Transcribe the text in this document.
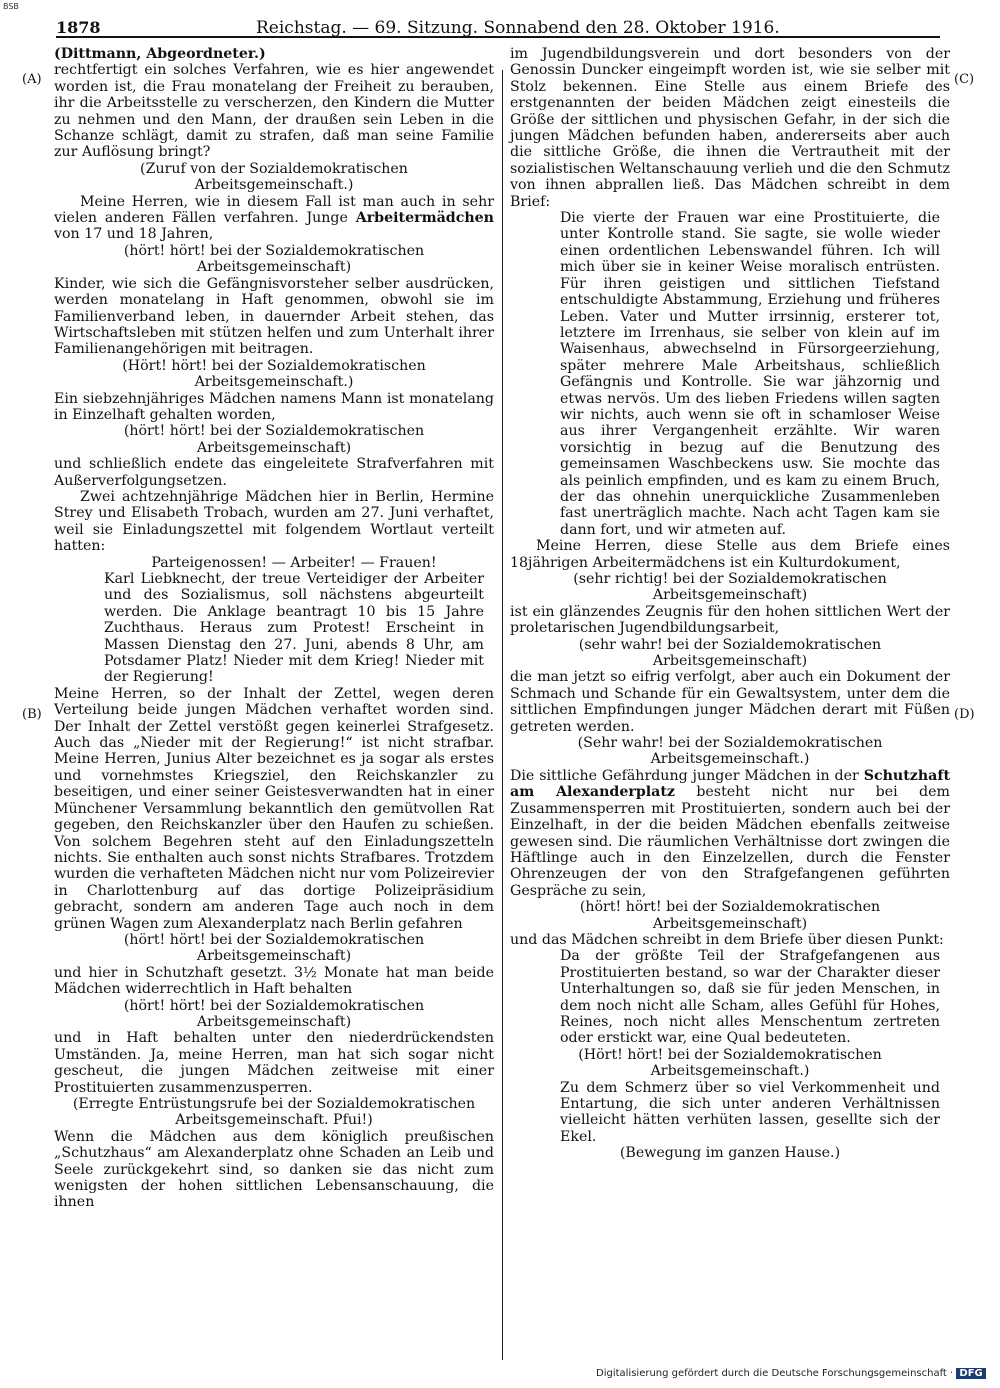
BSB
1878	Reichstag. — 69. Sitzung. Sonnabend den 28. Oktober 1916.
(A)
(B)
(C)
(D)

(Dittmann, Abgeordneter.)

rechtfertigt ein solches Verfahren, wie es hier angewendet worden ist, die Frau monatelang der Freiheit zu berauben, ihr die Arbeitsstelle zu verscherzen, den Kindern die Mutter zu nehmen und den Mann, der draußen sein Leben in die Schanze schlägt, damit zu strafen, daß man seine Familie zur Auflösung bringt?

(Zuruf von der Sozialdemokratischen Arbeitsgemeinschaft.)

Meine Herren, wie in diesem Fall ist man auch in sehr vielen anderen Fällen verfahren. Junge Arbeitermädchen von 17 und 18 Jahren,

(hört! hört! bei der Sozialdemokratischen Arbeitsgemeinschaft)

Kinder, wie sich die Gefängnisvorsteher selber ausdrücken, werden monatelang in Haft genommen, obwohl sie im Familienverband leben, in dauernder Arbeit stehen, das Wirtschaftsleben mit stützen helfen und zum Unterhalt ihrer Familienangehörigen mit beitragen.

(Hört! hört! bei der Sozialdemokratischen Arbeitsgemeinschaft.)

Ein siebzehnjähriges Mädchen namens Mann ist monatelang in Einzelhaft gehalten worden,

(hört! hört! bei der Sozialdemokratischen Arbeitsgemeinschaft)

und schließlich endete das eingeleitete Strafverfahren mit Außerverfolgungsetzen.

Zwei achtzehnjährige Mädchen hier in Berlin, Hermine Strey und Elisabeth Trobach, wurden am 27. Juni verhaftet, weil sie Einladungszettel mit folgendem Wortlaut verteilt hatten:

Parteigenossen! — Arbeiter! — Frauen!

Karl Liebknecht, der treue Verteidiger der Arbeiter und des Sozialismus, soll nächstens abgeurteilt werden. Die Anklage beantragt 10 bis 15 Jahre Zuchthaus. Heraus zum Protest! Erscheint in Massen Dienstag den 27. Juni, abends 8 Uhr, am Potsdamer Platz! Nieder mit dem Krieg! Nieder mit der Regierung!

Meine Herren, so der Inhalt der Zettel, wegen deren Verteilung beide jungen Mädchen verhaftet worden sind. Der Inhalt der Zettel verstößt gegen keinerlei Strafgesetz. Auch das „Nieder mit der Regierung!“ ist nicht strafbar. Meine Herren, Junius Alter bezeichnet es ja sogar als erstes und vornehmstes Kriegsziel, den Reichskanzler zu beseitigen, und einer seiner Geistesverwandten hat in einer Münchener Versammlung bekanntlich den gemütvollen Rat gegeben, den Reichskanzler über den Haufen zu schießen. Von solchem Begehren steht auf den Einladungszetteln nichts. Sie enthalten auch sonst nichts Strafbares. Trotzdem wurden die verhafteten Mädchen nicht nur vom Polizeirevier in Charlottenburg auf das dortige Polizeipräsidium gebracht, sondern am anderen Tage auch noch in dem grünen Wagen zum Alexanderplatz nach Berlin gefahren

(hört! hört! bei der Sozialdemokratischen Arbeitsgemeinschaft)

und hier in Schutzhaft gesetzt. 3½ Monate hat man beide Mädchen widerrechtlich in Haft behalten

(hört! hört! bei der Sozialdemokratischen Arbeitsgemeinschaft)

und in Haft behalten unter den niederdrückendsten Umständen. Ja, meine Herren, man hat sich sogar nicht gescheut, die jungen Mädchen zeitweise mit einer Prostituierten zusammenzusperren.

(Erregte Entrüstungsrufe bei der Sozialdemokratischen Arbeitsgemeinschaft. Pfui!)

Wenn die Mädchen aus dem königlich preußischen „Schutzhaus“ am Alexanderplatz ohne Schaden an Leib und Seele zurückgekehrt sind, so danken sie das nicht zum wenigsten der hohen sittlichen Lebensanschauung, die ihnen

im Jugendbildungsverein und dort besonders von der Genossin Duncker eingeimpft worden ist, wie sie selber mit Stolz bekennen. Eine Stelle aus einem Briefe des erstgenannten der beiden Mädchen zeigt einesteils die Größe der sittlichen und physischen Gefahr, in der sich die jungen Mädchen befunden haben, andererseits aber auch die sittliche Größe, die ihnen die Vertrautheit mit der sozialistischen Weltanschauung verlieh und die den Schmutz von ihnen abprallen ließ. Das Mädchen schreibt in dem Brief:

Die vierte der Frauen war eine Prostituierte, die unter Kontrolle stand. Sie sagte, sie wolle wieder einen ordentlichen Lebenswandel führen. Ich will mich über sie in keiner Weise moralisch entrüsten. Für ihren geistigen und sittlichen Tiefstand entschuldigte Abstammung, Erziehung und früheres Leben. Vater und Mutter irrsinnig, ersterer tot, letztere im Irrenhaus, sie selber von klein auf im Waisenhaus, abwechselnd in Fürsorgeerziehung, später mehrere Male Arbeitshaus, schließlich Gefängnis und Kontrolle. Sie war jähzornig und etwas nervös. Um des lieben Friedens willen sagten wir nichts, auch wenn sie oft in schamloser Weise aus ihrer Vergangenheit erzählte. Wir waren vorsichtig in bezug auf die Benutzung des gemeinsamen Waschbeckens usw. Sie mochte das als peinlich empfinden, und es kam zu einem Bruch, der das ohnehin unerquickliche Zusammenleben fast unerträglich machte. Nach acht Tagen kam sie dann fort, und wir atmeten auf.

Meine Herren, diese Stelle aus dem Briefe eines 18jährigen Arbeitermädchens ist ein Kulturdokument,

(sehr richtig! bei der Sozialdemokratischen Arbeitsgemeinschaft)

ist ein glänzendes Zeugnis für den hohen sittlichen Wert der proletarischen Jugendbildungsarbeit,

(sehr wahr! bei der Sozialdemokratischen Arbeitsgemeinschaft)

die man jetzt so eifrig verfolgt, aber auch ein Dokument der Schmach und Schande für ein Gewaltsystem, unter dem die sittlichen Empfindungen junger Mädchen derart mit Füßen getreten werden.

(Sehr wahr! bei der Sozialdemokratischen Arbeitsgemeinschaft.)

Die sittliche Gefährdung junger Mädchen in der Schutzhaft am Alexanderplatz besteht nicht nur bei dem Zusammensperren mit Prostituierten, sondern auch bei der Einzelhaft, in der die beiden Mädchen ebenfalls zeitweise gewesen sind. Die räumlichen Verhältnisse dort zwingen die Häftlinge auch in den Einzelzellen, durch die Fenster Ohrenzeugen der von den Strafgefangenen geführten Gespräche zu sein,

(hört! hört! bei der Sozialdemokratischen Arbeitsgemeinschaft)

und das Mädchen schreibt in dem Briefe über diesen Punkt:

Da der größte Teil der Strafgefangenen aus Prostituierten bestand, so war der Charakter dieser Unterhaltungen so, daß sie für jeden Menschen, in dem noch nicht alle Scham, alles Gefühl für Hohes, Reines, noch nicht alles Menschentum zertreten oder erstickt war, eine Qual bedeuteten.

(Hört! hört! bei der Sozialdemokratischen Arbeitsgemeinschaft.)

Zu dem Schmerz über so viel Verkommenheit und Entartung, die sich unter anderen Verhältnissen vielleicht hätten verhüten lassen, gesellte sich der Ekel.

(Bewegung im ganzen Hause.)

Digitalisierung gefördert durch die Deutsche Forschungsgemeinschaft · DFG
